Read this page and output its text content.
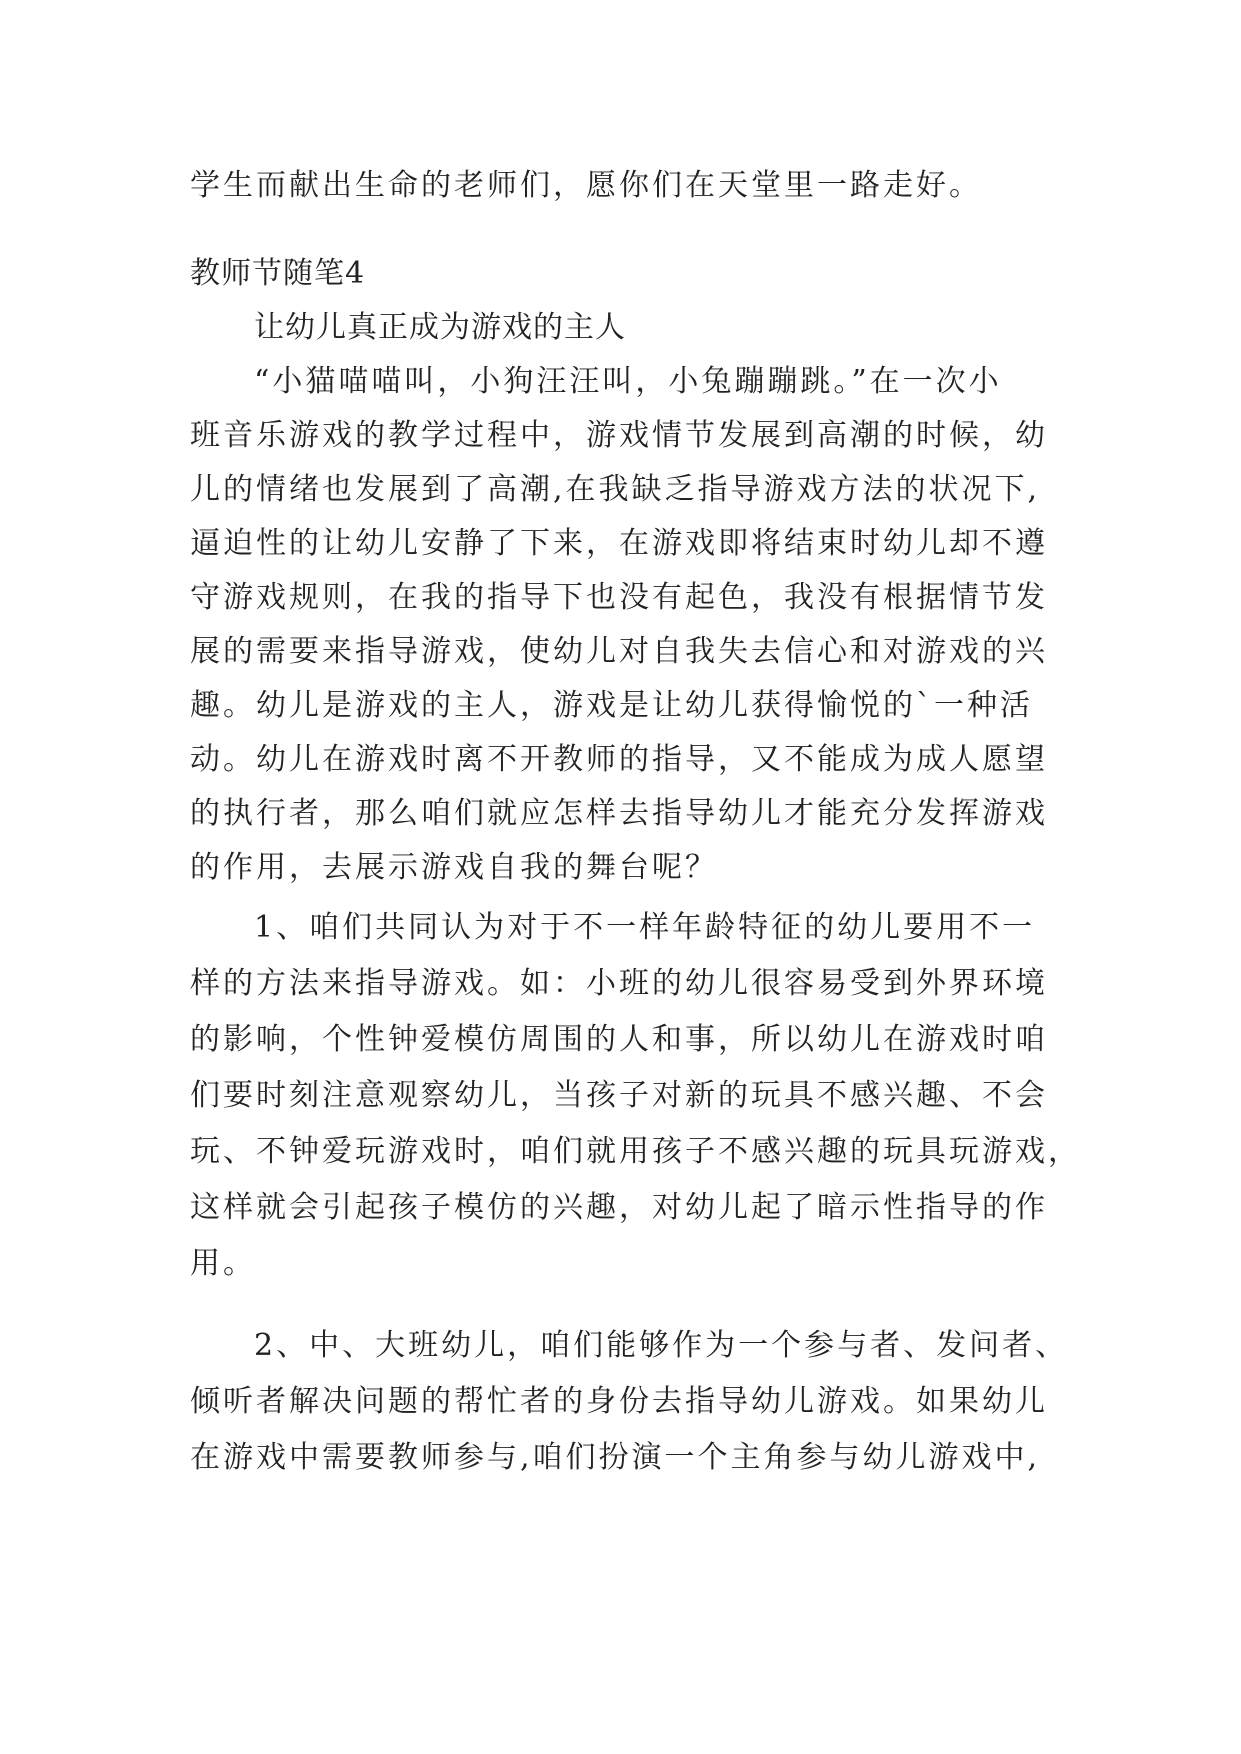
学生而献出生命的老师们，愿你们在天堂里一路走好。
教师节随笔4
让幼儿真正成为游戏的主人
“小猫喵喵叫，小狗汪汪叫，小兔蹦蹦跳。”在一次小
班音乐游戏的教学过程中，游戏情节发展到高潮的时候，幼
儿的情绪也发展到了高潮,在我缺乏指导游戏方法的状况下,
逼迫性的让幼儿安静了下来，在游戏即将结束时幼儿却不遵
守游戏规则，在我的指导下也没有起色，我没有根据情节发
展的需要来指导游戏，使幼儿对自我失去信心和对游戏的兴
趣。幼儿是游戏的主人，游戏是让幼儿获得愉悦的`一种活
动。幼儿在游戏时离不开教师的指导，又不能成为成人愿望
的执行者，那么咱们就应怎样去指导幼儿才能充分发挥游戏
的作用，去展示游戏自我的舞台呢？
1、咱们共同认为对于不一样年龄特征的幼儿要用不一
样的方法来指导游戏。如：小班的幼儿很容易受到外界环境
的影响，个性钟爱模仿周围的人和事，所以幼儿在游戏时咱
们要时刻注意观察幼儿，当孩子对新的玩具不感兴趣、不会
玩、不钟爱玩游戏时，咱们就用孩子不感兴趣的玩具玩游戏，
这样就会引起孩子模仿的兴趣，对幼儿起了暗示性指导的作
用。
2、中、大班幼儿，咱们能够作为一个参与者、发问者、
倾听者解决问题的帮忙者的身份去指导幼儿游戏。如果幼儿
在游戏中需要教师参与,咱们扮演一个主角参与幼儿游戏中,
